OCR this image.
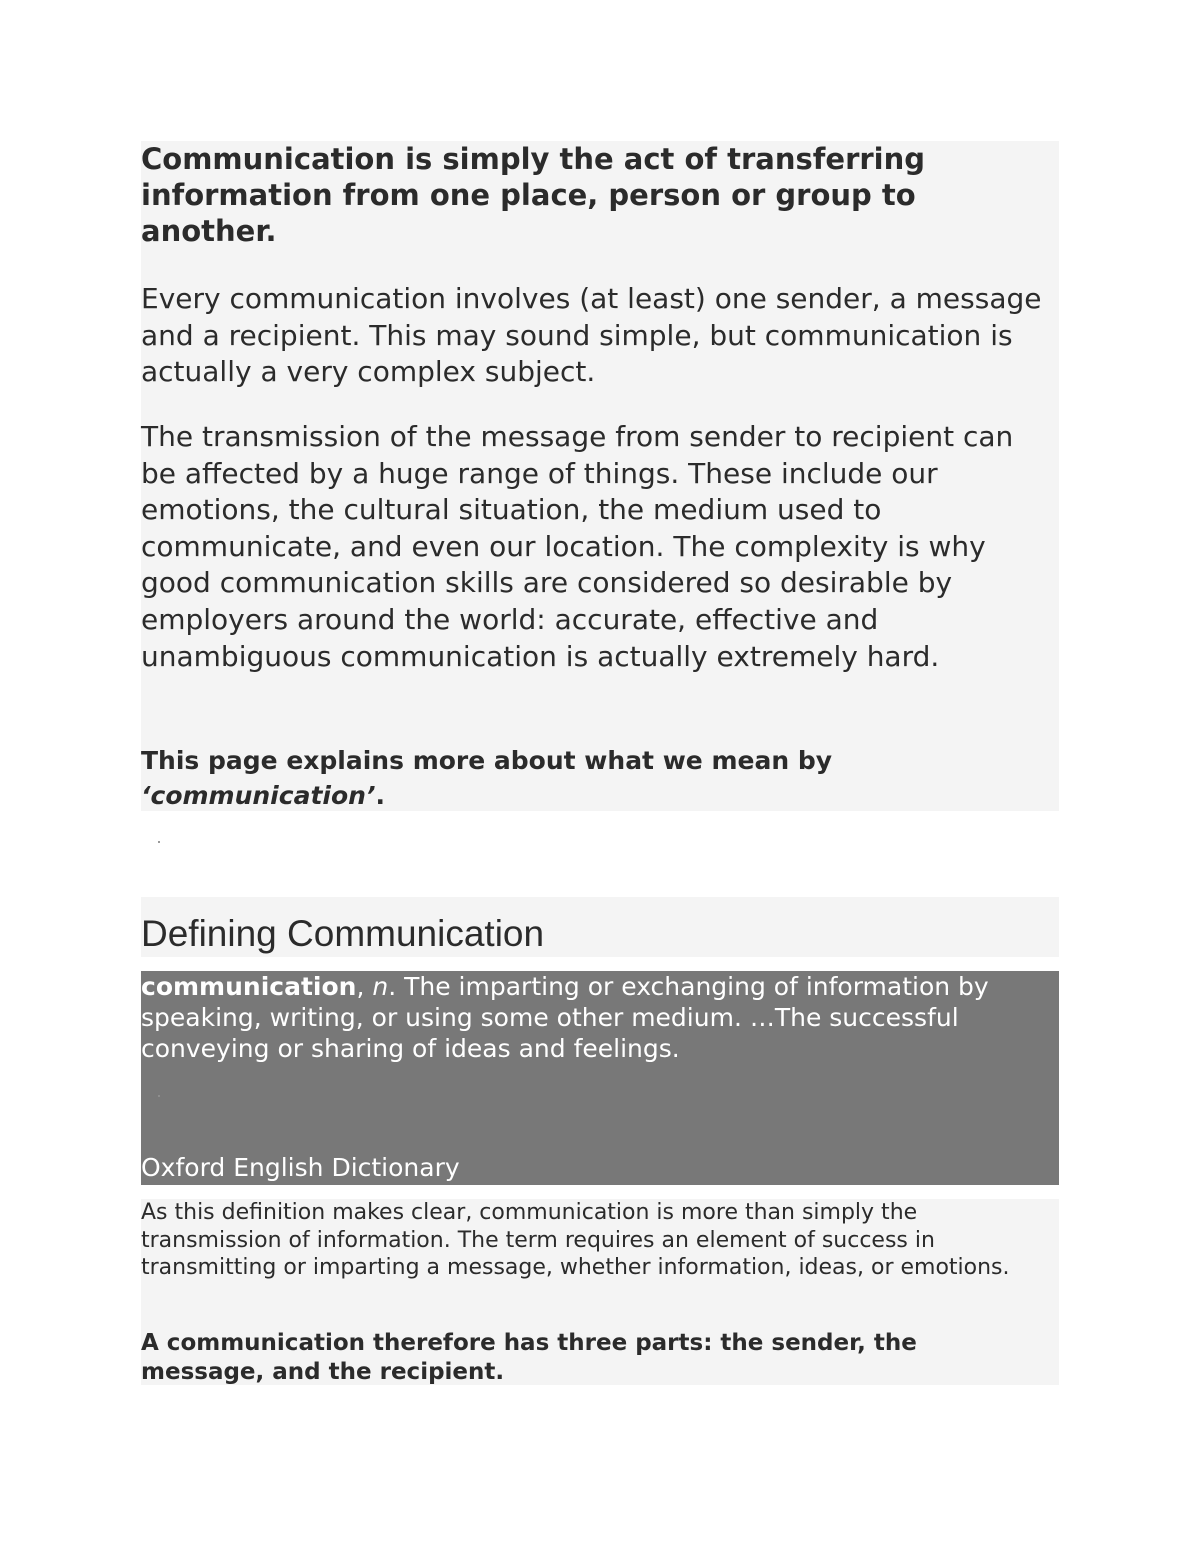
Communication is simply the act of transferring information from one place, person or group to another.

Every communication involves (at least) one sender, a message and a recipient. This may sound simple, but communication is actually a very complex subject.

The transmission of the message from sender to recipient can be affected by a huge range of things. These include our emotions, the cultural situation, the medium used to communicate, and even our location. The complexity is why good communication skills are considered so desirable by employers around the world: accurate, effective and unambiguous communication is actually extremely hard.

This page explains more about what we mean by ‘communication’.

Defining Communication

communication, n. The imparting or exchanging of information by speaking, writing, or using some other medium. …The successful conveying or sharing of ideas and feelings.

Oxford English Dictionary

As this definition makes clear, communication is more than simply the transmission of information. The term requires an element of success in transmitting or imparting a message, whether information, ideas, or emotions.

A communication therefore has three parts: the sender, the message, and the recipient.
